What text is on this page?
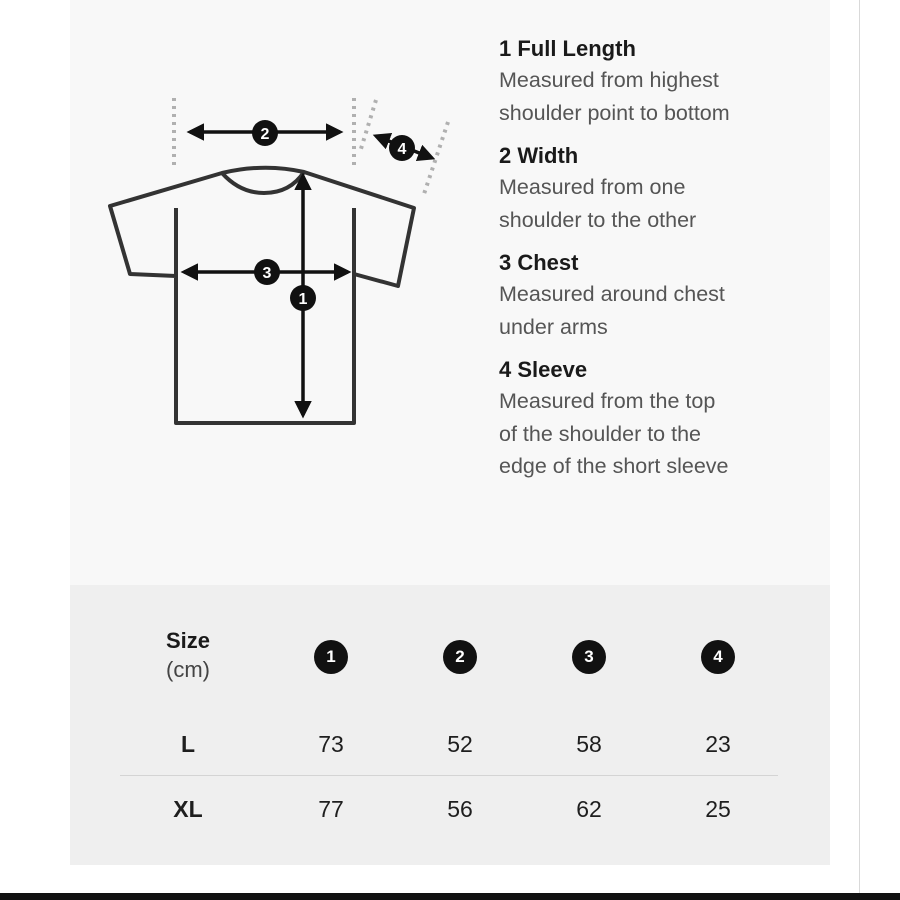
2
4
3
1
1 Full Length
Measured from highest
shoulder point to bottom
2 Width
Measured from one
shoulder to the other
3 Chest
Measured around chest
under arms
4 Sleeve
Measured from the top
of the shoulder to the
edge of the short sleeve
Size
(cm)
1	2	3	4
L	73	52	58	23
XL	77	56	62	25
